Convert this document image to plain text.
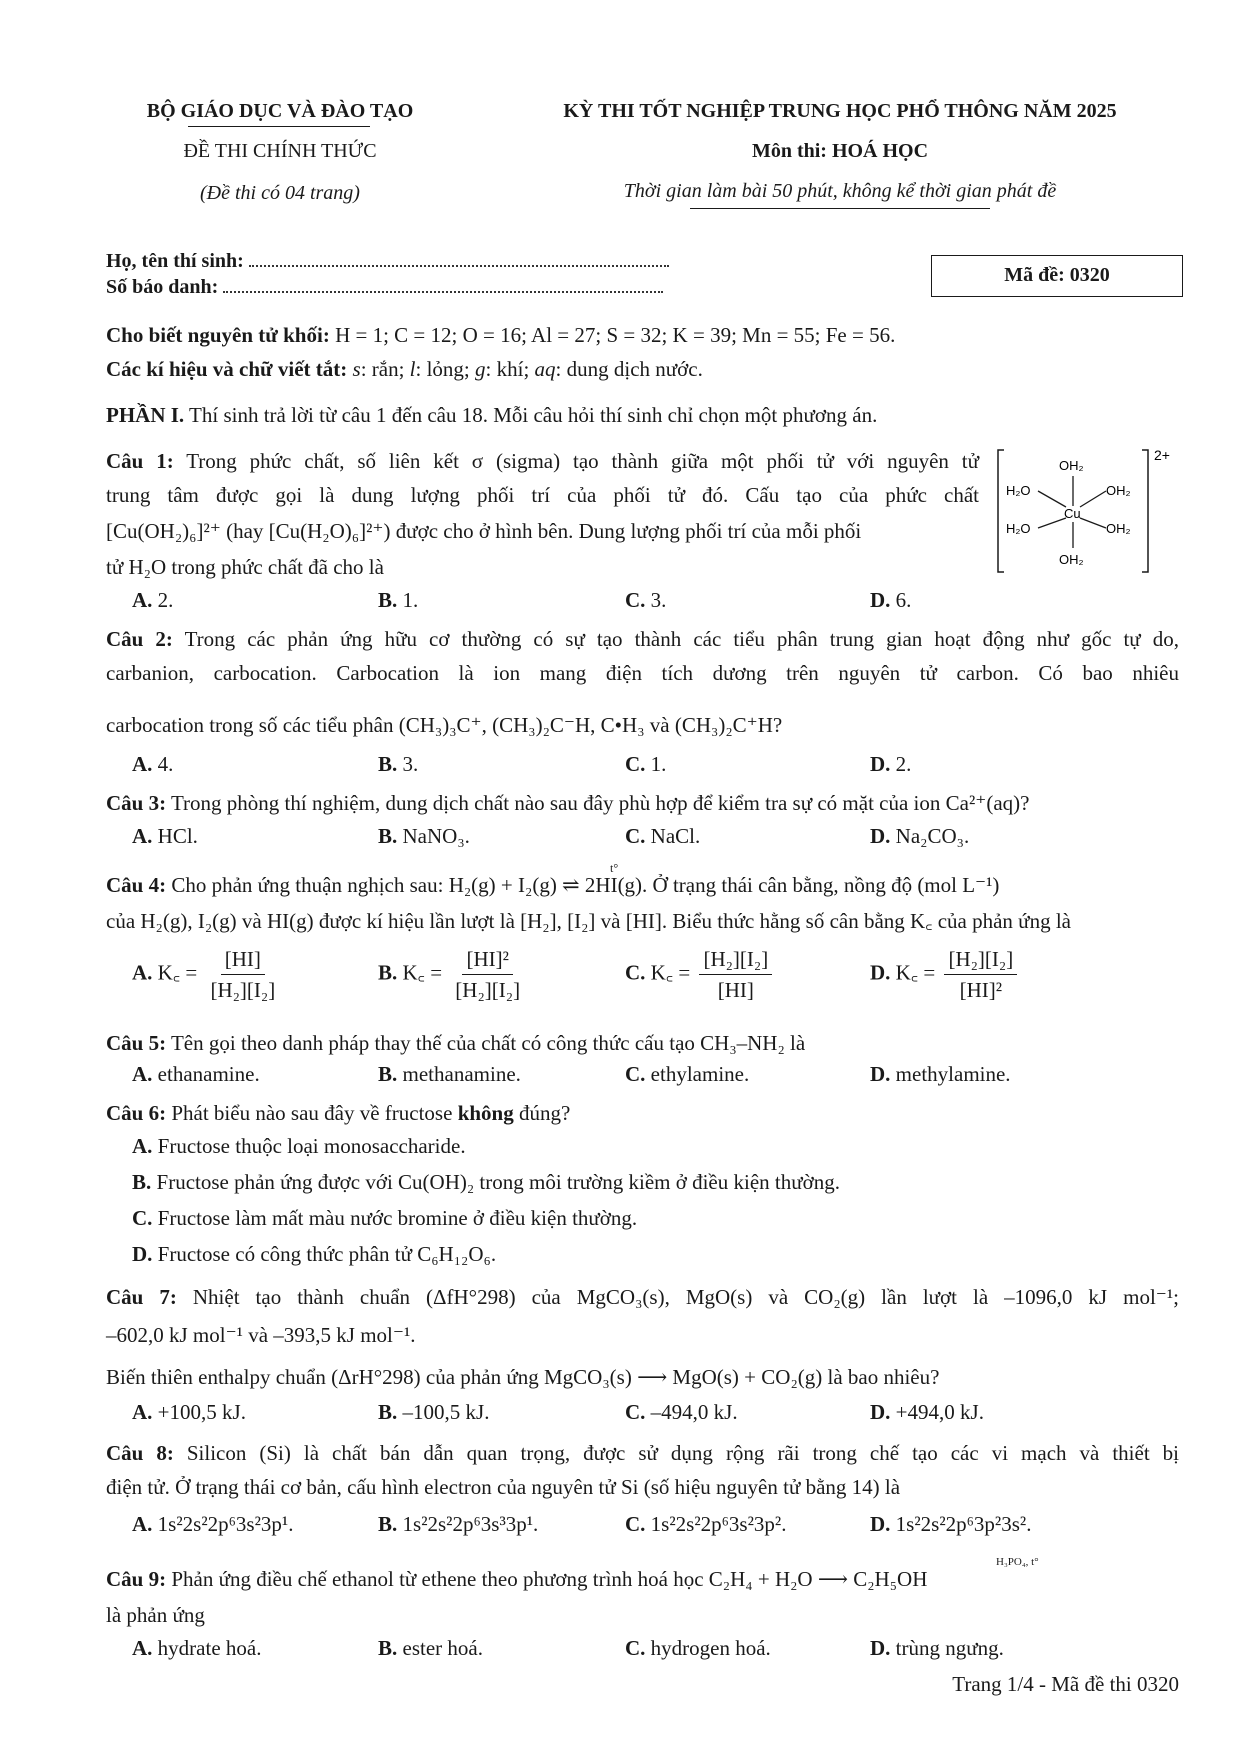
BỘ GIÁO DỤC VÀ ĐÀO TẠO
ĐỀ THI CHÍNH THỨC
(Đề thi có 04 trang)
KỲ THI TỐT NGHIỆP TRUNG HỌC PHỔ THÔNG NĂM 2025
Môn thi: HOÁ HỌC
Thời gian làm bài 50 phút, không kể thời gian phát đề
Họ, tên thí sinh:
Số báo danh:
Mã đề: 0320
Cho biết nguyên tử khối: H = 1; C = 12; O = 16; Al = 27; S = 32; K = 39; Mn = 55; Fe = 56.
Các kí hiệu và chữ viết tắt: s: rắn; l: lỏng; g: khí; aq: dung dịch nước.
PHẦN I. Thí sinh trả lời từ câu 1 đến câu 18. Mỗi câu hỏi thí sinh chỉ chọn một phương án.
Câu 1: Trong phức chất, số liên kết σ (sigma) tạo thành giữa một phối tử với nguyên tử
trung tâm được gọi là dung lượng phối trí của phối tử đó. Cấu tạo của phức chất
[Cu(OH₂)₆]²⁺ (hay [Cu(H₂O)₆]²⁺) được cho ở hình bên. Dung lượng phối trí của mỗi phối
tử H₂O trong phức chất đã cho là
2+
OH₂
H₂O	OH₂
Cu
H₂O	OH₂
OH₂
A. 2.	B. 1.	C. 3.	D. 6.
Câu 2: Trong các phản ứng hữu cơ thường có sự tạo thành các tiểu phân trung gian hoạt động như gốc tự do,
carbanion, carbocation. Carbocation là ion mang điện tích dương trên nguyên tử carbon. Có bao nhiêu
carbocation trong số các tiểu phân (CH₃)₃C⁺, (CH₃)₂C⁻H, C•H₃ và (CH₃)₂C⁺H?
A. 4.	B. 3.	C. 1.	D. 2.
Câu 3: Trong phòng thí nghiệm, dung dịch chất nào sau đây phù hợp để kiểm tra sự có mặt của ion Ca²⁺(aq)?
A. HCl.	B. NaNO₃.	C. NaCl.	D. Na₂CO₃.
Câu 4: Cho phản ứng thuận nghịch sau: H₂(g) + I₂(g) ⇌ 2HI(g). Ở trạng thái cân bằng, nồng độ (mol L⁻¹)
t°
của H₂(g), I₂(g) và HI(g) được kí hiệu lần lượt là [H₂], [I₂] và [HI]. Biểu thức hằng số cân bằng K꜀ của phản ứng là
A. K꜀ = $\frac{[HI]}{\text{[H₂][I₂]}}$	B. K꜀ = $\frac{\text{[HI]²}}{\text{[H₂][I₂]}}$	C. K꜀ = $\frac{\text{[H₂][I₂]}}{[HI]}$	D. K꜀ = $\frac{\text{[H₂][I₂]}}{\text{[HI]²}}$
Câu 5: Tên gọi theo danh pháp thay thế của chất có công thức cấu tạo CH₃–NH₂ là
A. ethanamine.	B. methanamine.	C. ethylamine.	D. methylamine.
Câu 6: Phát biểu nào sau đây về fructose không đúng?
A. Fructose thuộc loại monosaccharide.
B. Fructose phản ứng được với Cu(OH)₂ trong môi trường kiềm ở điều kiện thường.
C. Fructose làm mất màu nước bromine ở điều kiện thường.
D. Fructose có công thức phân tử C₆H₁₂O₆.
Câu 7: Nhiệt tạo thành chuẩn (ΔfH°298) của MgCO₃(s), MgO(s) và CO₂(g) lần lượt là –1096,0 kJ mol⁻¹;
–602,0 kJ mol⁻¹ và –393,5 kJ mol⁻¹.
Biến thiên enthalpy chuẩn (ΔrH°298) của phản ứng MgCO₃(s) ⟶ MgO(s) + CO₂(g) là bao nhiêu?
A. +100,5 kJ.	B. –100,5 kJ.	C. –494,0 kJ.	D. +494,0 kJ.
Câu 8: Silicon (Si) là chất bán dẫn quan trọng, được sử dụng rộng rãi trong chế tạo các vi mạch và thiết bị
điện tử. Ở trạng thái cơ bản, cấu hình electron của nguyên tử Si (số hiệu nguyên tử bằng 14) là
A. 1s²2s²2p⁶3s²3p¹.	B. 1s²2s²2p⁶3s³3p¹.	C. 1s²2s²2p⁶3s²3p².	D. 1s²2s²2p⁶3p²3s².
Câu 9: Phản ứng điều chế ethanol từ ethene theo phương trình hoá học C₂H₄ + H₂O ⟶ C₂H₅OH
H₃PO₄, t°
là phản ứng
A. hydrate hoá.	B. ester hoá.	C. hydrogen hoá.	D. trùng ngưng.
Trang 1/4 - Mã đề thi 0320
